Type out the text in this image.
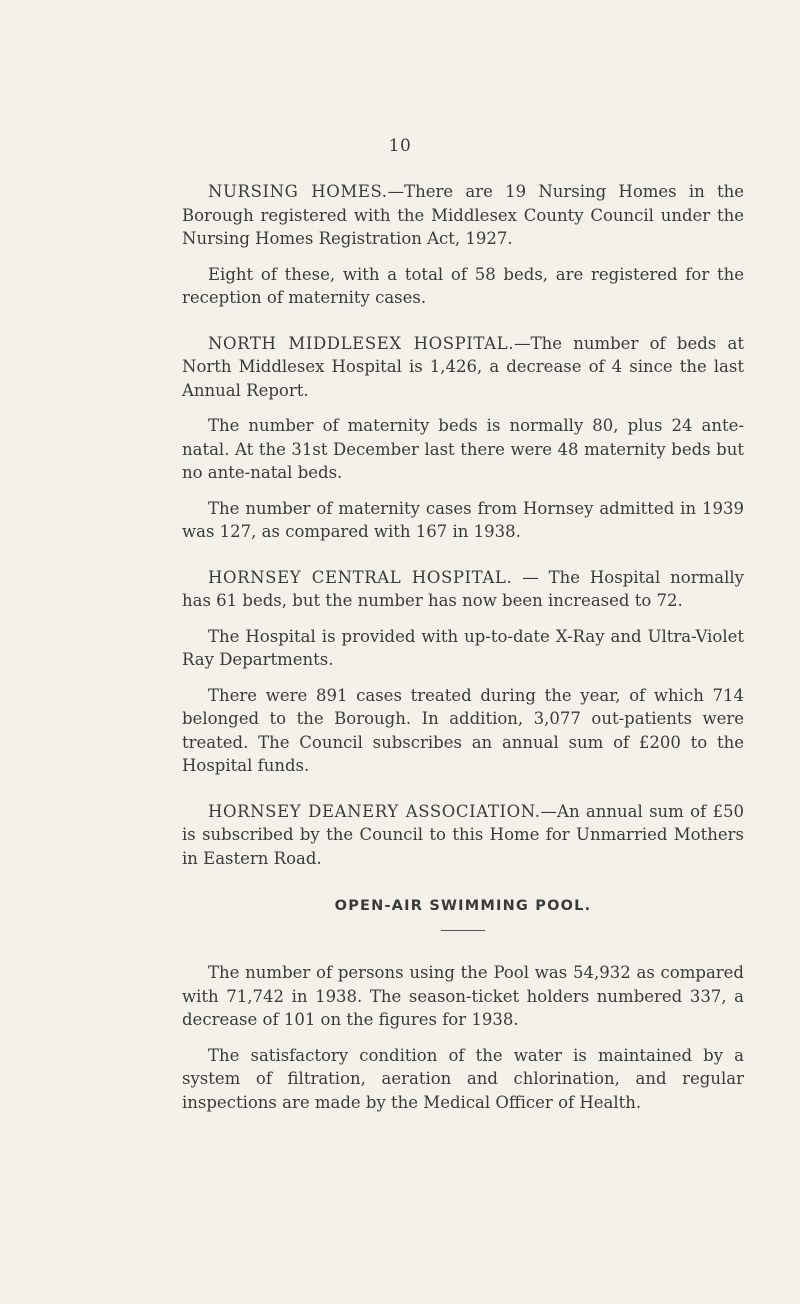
10

NURSING HOMES.—There are 19 Nursing Homes in the Borough registered with the Middlesex County Council under the Nursing Homes Registration Act, 1927.

Eight of these, with a total of 58 beds, are registered for the reception of maternity cases.

NORTH MIDDLESEX HOSPITAL.—The number of beds at North Middlesex Hospital is 1,426, a decrease of 4 since the last Annual Report.

The number of maternity beds is normally 80, plus 24 ante-natal. At the 31st December last there were 48 maternity beds but no ante-natal beds.

The number of maternity cases from Hornsey admitted in 1939 was 127, as compared with 167 in 1938.

HORNSEY CENTRAL HOSPITAL. — The Hospital normally has 61 beds, but the number has now been increased to 72.

The Hospital is provided with up-to-date X-Ray and Ultra-Violet Ray Departments.

There were 891 cases treated during the year, of which 714 belonged to the Borough. In addition, 3,077 out-patients were treated. The Council subscribes an annual sum of £200 to the Hospital funds.

HORNSEY DEANERY ASSOCIATION.—An annual sum of £50 is subscribed by the Council to this Home for Unmarried Mothers in Eastern Road.

OPEN-AIR SWIMMING POOL.

The number of persons using the Pool was 54,932 as compared with 71,742 in 1938. The season-ticket holders numbered 337, a decrease of 101 on the figures for 1938.

The satisfactory condition of the water is maintained by a system of filtration, aeration and chlorination, and regular inspections are made by the Medical Officer of Health.
